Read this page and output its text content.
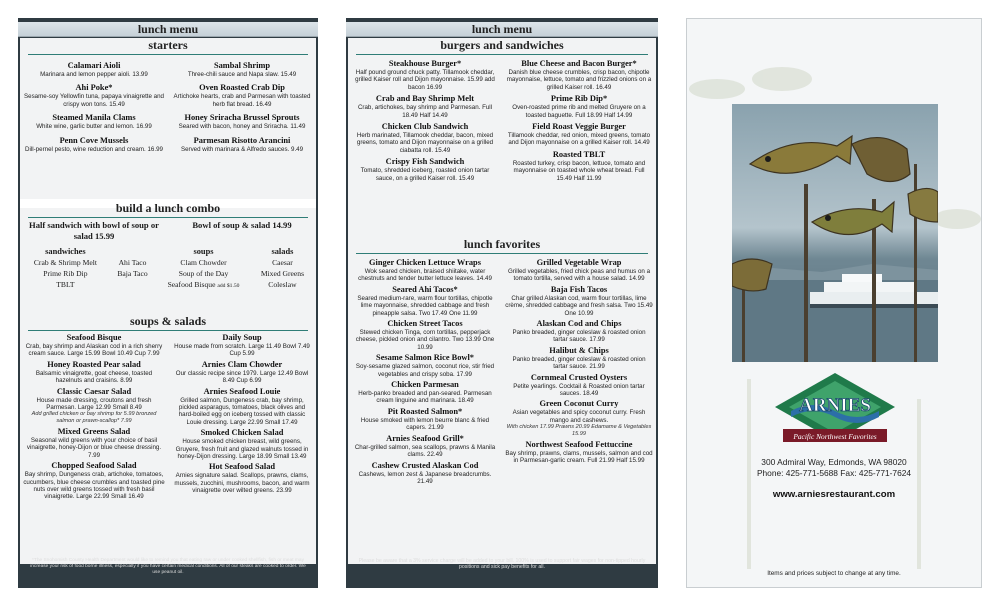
lunch menu
starters
Calamari Aioli
Marinara and lemon pepper aioli. 13.99
Ahi Poke*
Sesame-soy Yellowfin tuna, papaya vinaigrette and crispy won tons. 15.49
Steamed Manila Clams
White wine, garlic butter and lemon. 16.99
Penn Cove Mussels
Dill-pernel pesto, wine reduction and cream. 16.99
Sambal Shrimp
Three-chili sauce and Napa slaw. 15.49
Oven Roasted Crab Dip
Artichoke hearts, crab and Parmesan with toasted herb flat bread. 16.49
Honey Sriracha Brussel Sprouts
Seared with bacon, honey and Sriracha. 11.49
Parmesan Risotto Arancini
Served with marinara & Alfredo sauces. 9.49
build a lunch combo
Half sandwich with bowl of soup or salad 15.99
Bowl of soup & salad 14.99
sandwiches
Crab & Shrimp Melt
Prime Rib Dip
TBLT

Ahi Taco
Baja Taco
soups
Clam Chowder
Soup of the Day
Seafood Bisque add $1.50
salads
Caesar
Mixed Greens
Coleslaw
soups & salads
Seafood Bisque
Crab, bay shrimp and Alaskan cod in a rich sherry cream sauce. Large 15.99 Bowl 10.49 Cup 7.99
Honey Roasted Pear salad
Balsamic vinaigrette, goat cheese, toasted hazelnuts and craisins. 8.99
Classic Caesar Salad
House made dressing, croutons and fresh Parmesan. Large 12.99 Small 8.49
Add grilled chicken or bay shrimp for 5.99 bronzed salmon or prawn-scallop* 7.99
Mixed Greens Salad
Seasonal wild greens with your choice of basil vinaigrette, honey-Dijon or blue cheese dressing. 7.99
Chopped Seafood Salad
Bay shrimp, Dungeness crab, artichoke, tomatoes, cucumbers, blue cheese crumbles and toasted pine nuts over wild greens tossed with fresh basil vinaigrette. Large 22.99 Small 16.49
Daily Soup
House made from scratch. Large 11.49 Bowl 7.49 Cup 5.99
Arnies Clam Chowder
Our classic recipe since 1979. Large 12.49 Bowl 8.49 Cup 6.99
Arnies Seafood Louie
Grilled salmon, Dungeness crab, bay shrimp, pickled asparagus, tomatoes, black olives and hard-boiled egg on iceberg tossed with classic Louie dressing. Large 22.99 Small 17.49
Smoked Chicken Salad
House smoked chicken breast, wild greens, Gruyere, fresh fruit and glazed walnuts tossed in honey-Dijon dressing. Large 18.99 Small 13.49
Hot Seafood Salad
Arnies signature salad. Scallops, prawns, clams, mussels, zucchini, mushrooms, bacon, and warm vinaigrette over wilted greens. 23.99
*The Snohomish County Health Department would like to remind you that eating raw or under cooked shellfish, fish or meat may increase your risk of food borne illness, especially if you have certain medical conditions. All of our steaks are cooked to order. We use peanut oil.
lunch menu
burgers and sandwiches
Steakhouse Burger*
Half pound ground chuck patty. Tillamook cheddar, grilled Kaiser roll and Dijon mayonnaise. 15.99 add bacon 16.99
Crab and Bay Shrimp Melt
Crab, artichokes, bay shrimp and Parmesan. Full 18.49 Half 14.49
Chicken Club Sandwich
Herb marinated, Tillamook cheddar, bacon, mixed greens, tomato and Dijon mayonnaise on a grilled ciabatta roll. 15.49
Crispy Fish Sandwich
Tomato, shredded iceberg, roasted onion tartar sauce, on a grilled Kaiser roll. 15.49
Blue Cheese and Bacon Burger*
Danish blue cheese crumbles, crisp bacon, chipotle mayonnaise, lettuce, tomato and frizzled onions on a grilled Kaiser roll. 16.49
Prime Rib Dip*
Oven-roasted prime rib and melted Gruyere on a toasted baguette. Full 18.99 Half 14.99
Field Roast Veggie Burger
Tillamook cheddar, red onion, mixed greens, tomato and Dijon mayonnaise on a grilled Kaiser roll. 14.49
Roasted TBLT
Roasted turkey, crisp bacon, lettuce, tomato and mayonnaise on toasted whole wheat bread. Full 15.49 Half 11.99
lunch favorites
Ginger Chicken Lettuce Wraps
Wok seared chicken, braised shiitake, water chestnuts and tender butter lettuce leaves. 14.49
Seared Ahi Tacos*
Seared medium-rare, warm flour tortillas, chipotle lime mayonnaise, shredded cabbage and fresh pineapple salsa. Two 17.49 One 11.99
Chicken Street Tacos
Stewed chicken Tinga, corn tortillas, pepperjack cheese, pickled onion and cilantro. Two 13.99 One 10.99
Sesame Salmon Rice Bowl*
Soy-sesame glazed salmon, coconut rice, stir fried vegetables and crispy soba. 17.99
Chicken Parmesan
Herb-panko breaded and pan-seared. Parmesan cream linguine and marinara. 18.49
Pit Roasted Salmon*
House smoked with lemon beurre blanc & fried capers. 21.99
Arnies Seafood Grill*
Char-grilled salmon, sea scallops, prawns & Manila clams. 22.49
Cashew Crusted Alaskan Cod
Cashews, lemon zest & Japanese breadcrumbs. 21.49
Grilled Vegetable Wrap
Grilled vegetables, fried chick peas and humus on a tomato tortilla, served with a house salad. 14.99
Baja Fish Tacos
Char grilled Alaskan cod, warm flour tortillas, lime crème, shredded cabbage and fresh salsa. Two 15.49 One 10.99
Alaskan Cod and Chips
Panko breaded, ginger coleslaw & roasted onion tartar sauce. 17.99
Halibut & Chips
Panko breaded, ginger coleslaw & roasted onion tartar sauce. 21.99
Cornmeal Crusted Oysters
Petite yearlings. Cocktail & Roasted onion tartar sauces. 18.49
Green Coconut Curry
Asian vegetables and spicy coconut curry. Fresh mango and cashews.
With chicken 17.99 Prawns 20.99 Edamame & Vegetables 15.99
Northwest Seafood Fettuccine
Bay shrimp, prawns, clams, mussels, salmon and cod in Parmesan-garlic cream. Full 21.99 Half 15.99
Please be aware that a 3% service charge will be added to your bill. 100% is used to support fair wages for non-tipped hourly positions and sick pay benefits for all.
ARNIES
Pacific Northwest Favorites
300 Admiral Way, Edmonds, WA 98020
Phone: 425-771-5688 Fax: 425-771-7624
www.arniesrestaurant.com
Items and prices subject to change at any time.
